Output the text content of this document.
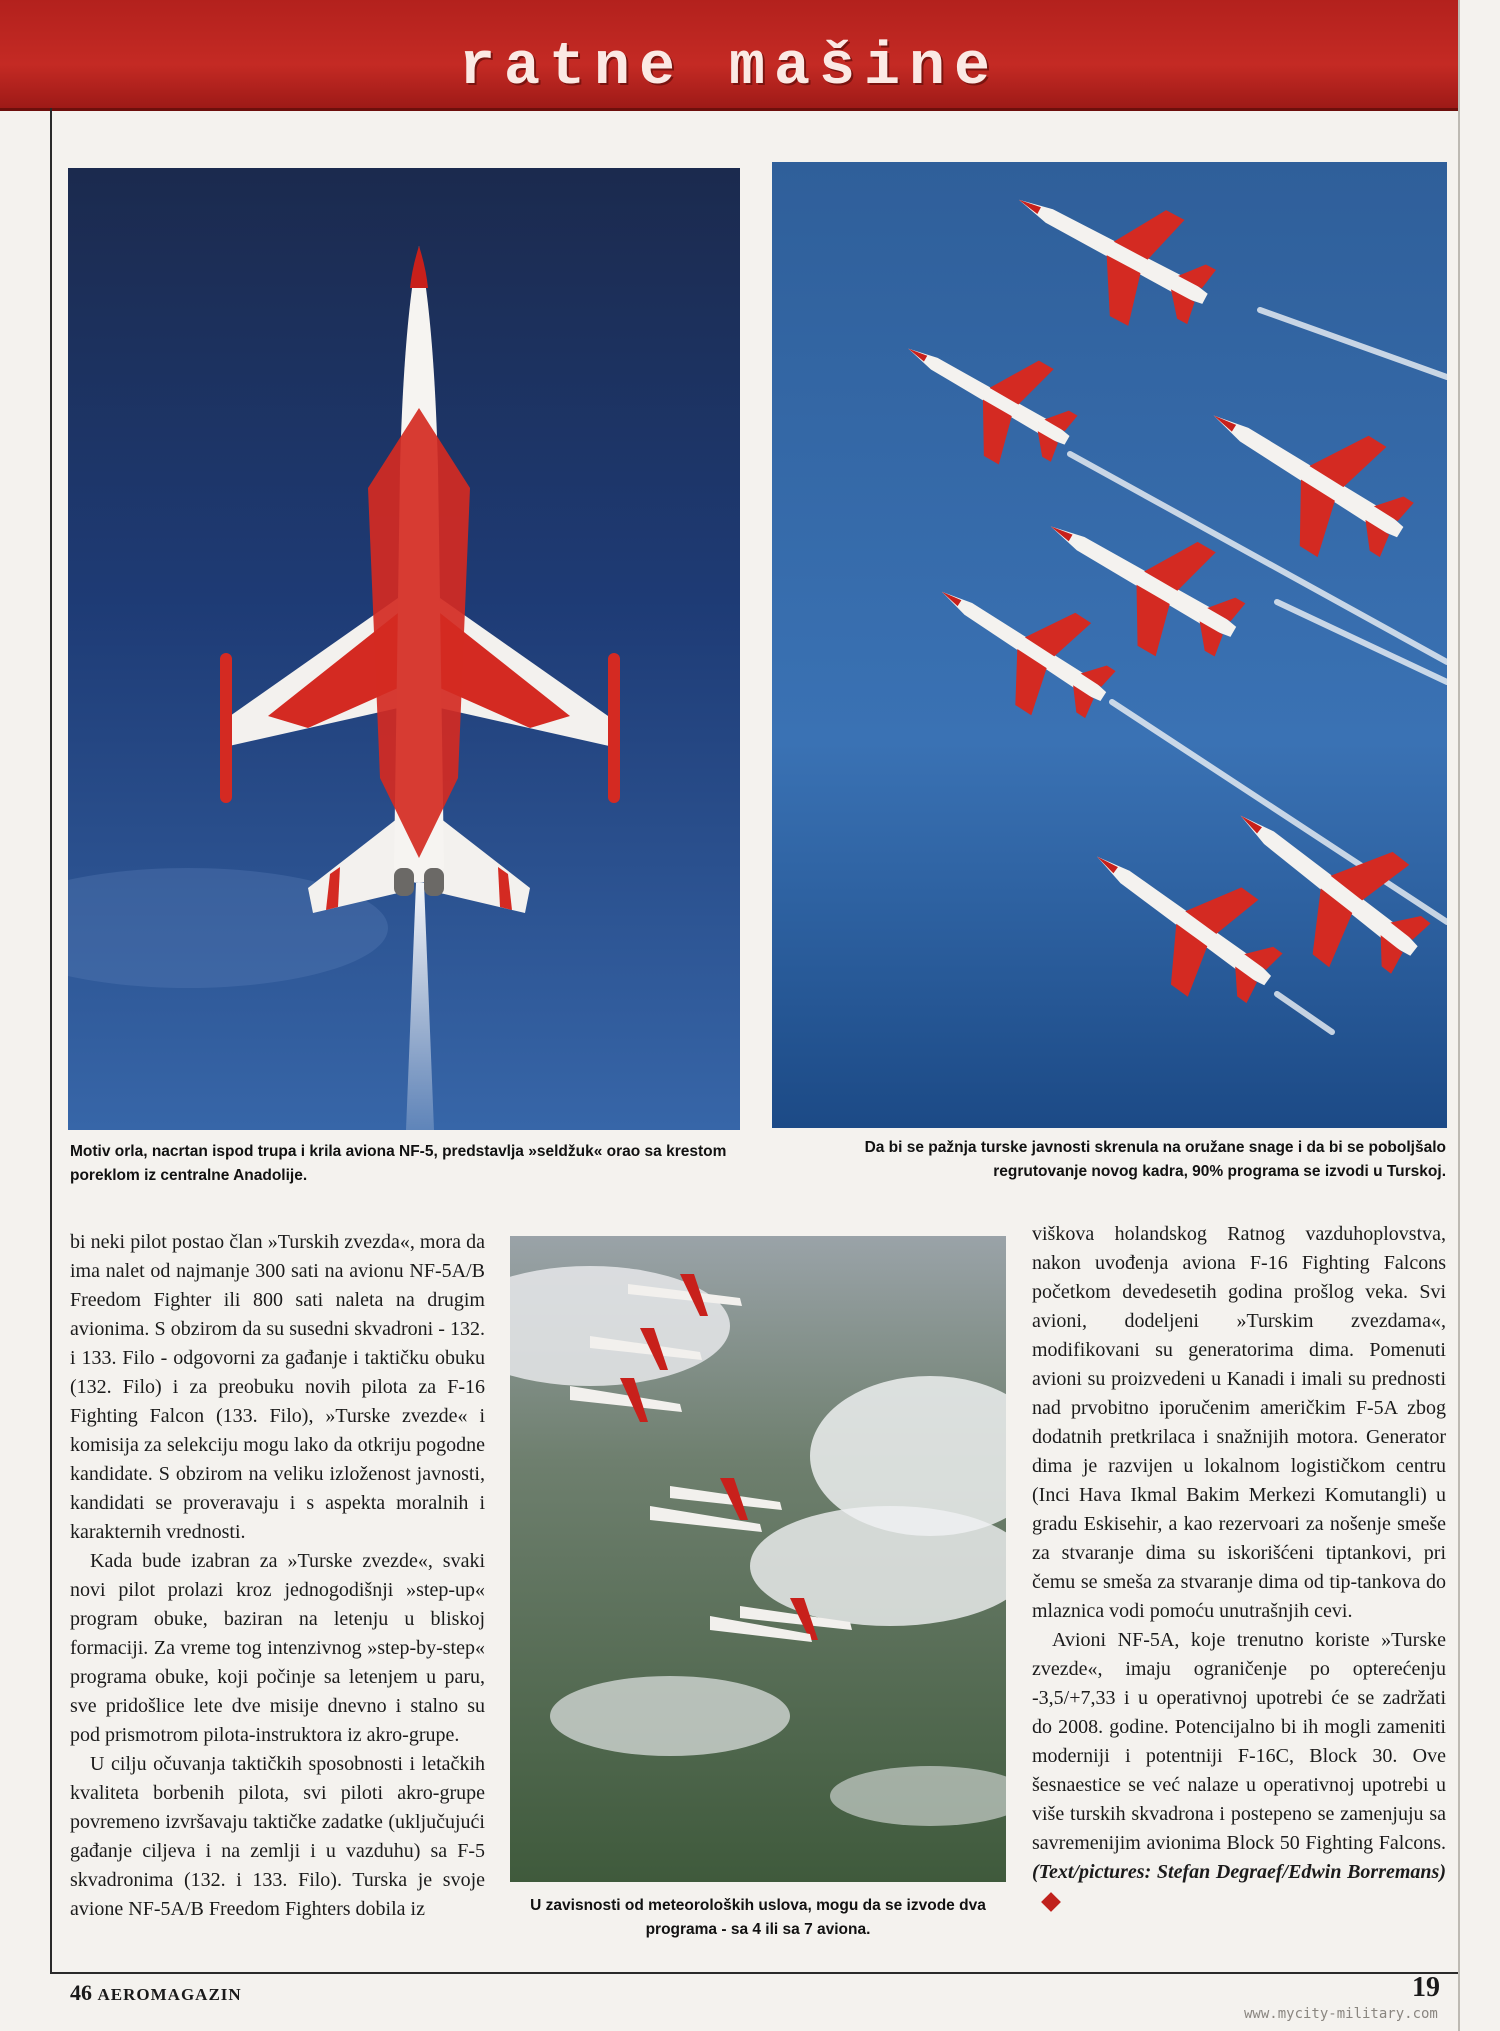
ratne mašine
Motiv orla, nacrtan ispod trupa i krila aviona NF-5, predstavlja »seldžuk« orao sa krestom poreklom iz centralne Anadolije.
Da bi se pažnja turske javnosti skrenula na oružane snage i da bi se poboljšalo regrutovanje novog kadra, 90% programa se izvodi u Turskoj.
U zavisnosti od meteoroloških uslova, mogu da se izvode dva programa - sa 4 ili sa 7 aviona.

bi neki pilot postao član »Turskih zvezda«, mora da ima nalet od najmanje 300 sati na avionu NF-5A/B Freedom Fighter ili 800 sati naleta na drugim avionima. S obzirom da su susedni skvadroni - 132. i 133. Filo - odgovorni za gađanje i taktičku obuku (132. Filo) i za preobuku novih pilota za F-16 Fighting Falcon (133. Filo), »Turske zvezde« i komisija za selekciju mogu lako da otkriju pogodne kandidate. S obzirom na veliku izloženost javnosti, kandidati se proveravaju i s aspekta moralnih i karakternih vrednosti.

Kada bude izabran za »Turske zvezde«, svaki novi pilot prolazi kroz jednogodišnji »step-up« program obuke, baziran na letenju u bliskoj formaciji. Za vreme tog intenzivnog »step-by-step« programa obuke, koji počinje sa letenjem u paru, sve pridošlice lete dve misije dnevno i stalno su pod prismotrom pilota-instruktora iz akro-grupe.

U cilju očuvanja taktičkih sposobnosti i letačkih kvaliteta borbenih pilota, svi piloti akro-grupe povremeno izvršavaju taktičke zadatke (uključujući gađanje ciljeva i na zemlji i u vazduhu) sa F-5 skvadronima (132. i 133. Filo). Turska je svoje avione NF-5A/B Freedom Fighters dobila iz

viškova holandskog Ratnog vazduhoplovstva, nakon uvođenja aviona F-16 Fighting Falcons početkom devedesetih godina prošlog veka. Svi avioni, dodeljeni »Turskim zvezdama«, modifikovani su generatorima dima. Pomenuti avioni su proizvedeni u Kanadi i imali su prednosti nad prvobitno iporučenim američkim F-5A zbog dodatnih pretkrilaca i snažnijih motora. Generator dima je razvijen u lokalnom logističkom centru (Inci Hava Ikmal Bakim Merkezi Komutangli) u gradu Eskisehir, a kao rezervoari za nošenje smeše za stvaranje dima su iskorišćeni tiptankovi, pri čemu se smeša za stvaranje dima od tip-tankova do mlaznica vodi pomoću unutrašnjih cevi.

Avioni NF-5A, koje trenutno koriste »Turske zvezde«, imaju ograničenje po opterećenju -3,5/+7,33 i u operativnoj upotrebi će se zadržati do 2008. godine. Potencijalno bi ih mogli zameniti moderniji i potentniji F-16C, Block 30. Ove šesnaestice se već nalaze u operativnoj upotrebi u više turskih skvadrona i postepeno se zamenjuju sa savremenijim avionima Block 50 Fighting Falcons. (Text/pictures: Stefan Degraef/Edwin Borremans)

46 AEROMAGAZIN	19
www.mycity-military.com
